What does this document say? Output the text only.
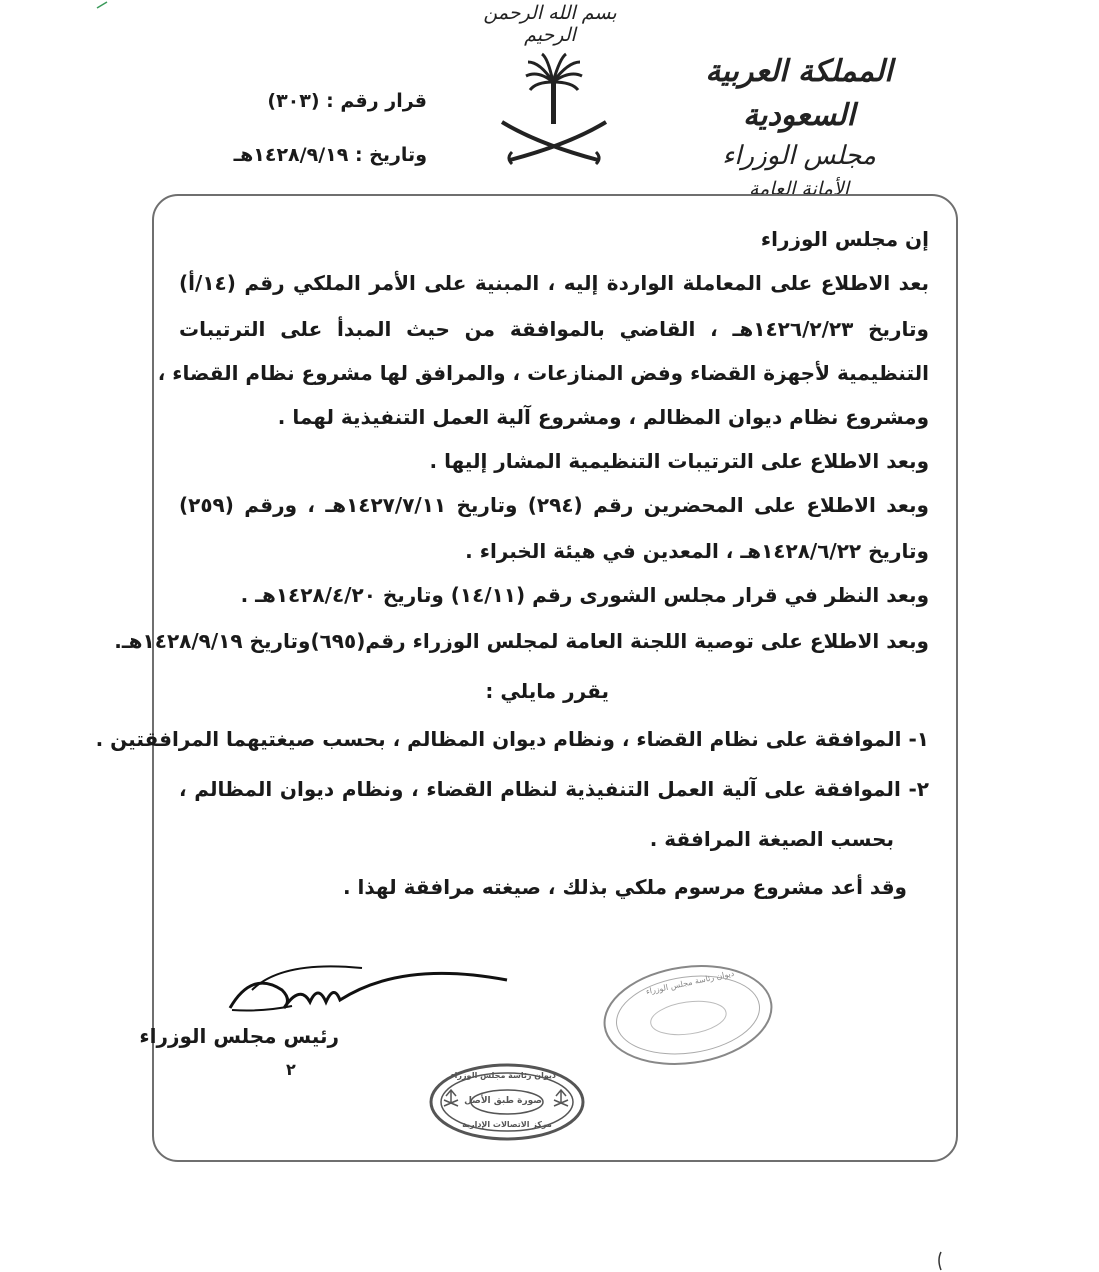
بسم الله الرحمن الرحيم
المملكة العربية السعودية
مجلس الوزراء
الأمانة العامة
قرار رقم : (٣٠٣)
وتاريخ : ١٤٢٨/٩/١٩هـ
إن مجلس الوزراء
بعد الاطلاع على المعاملة الواردة إليه ، المبنية على الأمر الملكي رقم (١٤/أ)
وتاريخ ١٤٢٦/٢/٢٣هـ ، القاضي بالموافقة من حيث المبدأ على الترتيبات
التنظيمية لأجهزة القضاء وفض المنازعات ، والمرافق لها مشروع نظام القضاء ،
ومشروع نظام ديوان المظالم ، ومشروع آلية العمل التنفيذية لهما .
وبعد الاطلاع على الترتيبات التنظيمية المشار إليها .
وبعد الاطلاع على المحضرين رقم (٢٩٤) وتاريخ ١٤٢٧/٧/١١هـ ، ورقم (٢٥٩)
وتاريخ ١٤٢٨/٦/٢٢هـ ، المعدين في هيئة الخبراء .
وبعد النظر في قرار مجلس الشورى رقم (١٤/١١) وتاريخ ١٤٢٨/٤/٢٠هـ .
وبعد الاطلاع على توصية اللجنة العامة لمجلس الوزراء رقم(٦٩٥)وتاريخ ١٤٢٨/٩/١٩هـ.
يقرر مايلي :
١- الموافقة على نظام القضاء ، ونظام ديوان المظالم ، بحسب صيغتيهما المرافقتين .
٢- الموافقة على آلية العمل التنفيذية لنظام القضاء ، ونظام ديوان المظالم ،
بحسب الصيغة المرافقة .
وقد أعد مشروع مرسوم ملكي بذلك ، صيغته مرافقة لهذا .
رئيس مجلس الوزراء
٢	ديوان رئاسة مجلس الوزراء
صورة طبق الأصل
مركز الاتصالات الإدارية
ديوان رئاسة مجلس الوزراء
